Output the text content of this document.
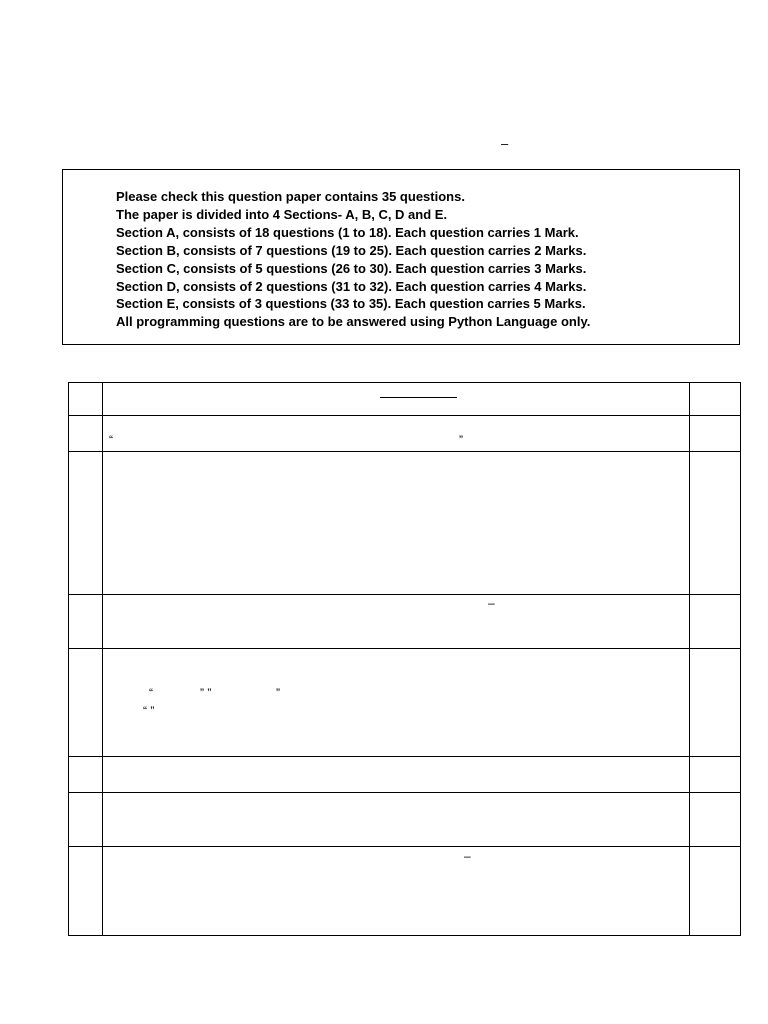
–
Please check this question paper contains 35 questions.
The paper is divided into 4 Sections- A, B, C, D and E.
Section A, consists of 18 questions (1 to 18). Each question carries 1 Mark.
Section B, consists of 7 questions (19 to 25). Each question carries 2 Marks.
Section C, consists of 5 questions (26 to 30). Each question carries 3 Marks.
Section D, consists of 2 questions (31 to 32). Each question carries 4 Marks.
Section E, consists of 3 questions (33 to 35). Each question carries 5 Marks.
All programming questions are to be answered using Python Language only.
“	”
–
“	” ”	”
“ ”
–
